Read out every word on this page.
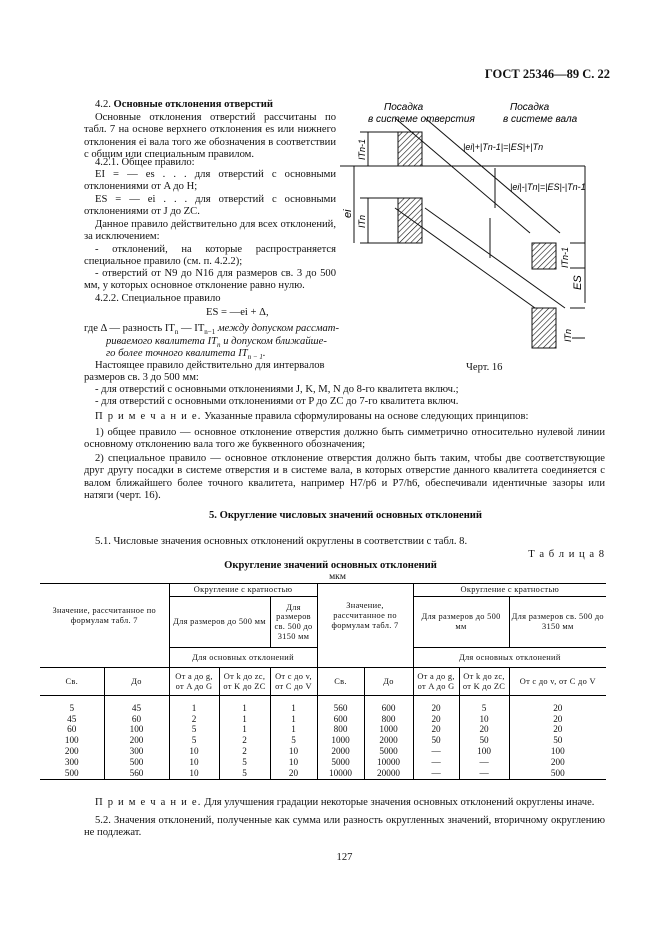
ГОСТ 25346—89 С. 22
4.2. Основные отклонения отверстий
Основные отклонения отверстий рассчитаны по табл. 7 на основе верхнего отклонения es или нижнего отклонения ei вала того же обозначения в соответствии с общим или специальным правилом.
4.2.1. Общее правило:
EI = — es . . . для отверстий с основными отклонениями от A до H;
ES = — ei . . . для отверстий с основными отклонениями от J до ZC.
Данное правило действительно для всех отклонений, за исключением:
- отклонений, на которые распространяется специальное правило (см. п. 4.2.2);
- отверстий от N9 до N16 для размеров св. 3 до 500 мм, у которых основное отклонение равно нулю.
4.2.2. Специальное правило
ES = —ei + Δ,
где Δ — разность $IT_n$ — $IT_{n-1}$ между допуском рассмат-
риваемого квалитета $IT_n$ и допуском ближайше-
го более точного квалитета $IT_{n - 1}$.
Настоящее правило действительно для интервалов
размеров св. 3 до 500 мм:
Посадка
в системе отверстия
Посадка
в системе вала
|ei|+|Tn-1|=|ES|+|Tn
|ei|-|Tn|=|ES|-|Tn-1
ei
ITn-1
ITn
ES
ITn-1
ITn
Черт. 16
- для отверстий с основными отклонениями J, K, M, N до 8-го квалитета включ.;
- для отверстий с основными отклонениями от P до ZC до 7-го квалитета включ.
П р и м е ч а н и е. Указанные правила сформулированы на основе следующих принципов:
1) общее правило — основное отклонение отверстия должно быть симметрично относительно нулевой линии основному отклонению вала того же буквенного обозначения;
2) специальное правило — основное отклонение отверстия должно быть таким, чтобы две соответствующие друг другу посадки в системе отверстия и в системе вала, в которых отверстие данного квалитета соединяется с валом ближайшего более точного квалитета, например H7/p6 и P7/h6, обеспечивали идентичные зазоры или натяги (черт. 16).
5. Округление числовых значений основных отклонений
5.1. Числовые значения основных отклонений округлены в соответствии с табл. 8.
Т а б л и ц а 8
Округление значений основных отклонений
мкм
Значение, рассчитанное по формулам табл. 7		Округление с кратностью			Значение, рассчитанное по формулам табл. 7		Округление с кратностью		
		Для размеров до 500 мм		Для размеров св. 500 до 3150 мм			Для размеров до 500 мм		Для размеров св. 500 до 3150 мм
		Для основных отклонений					Для основных отклонений		
Св.	До	От a до g, от A до G	От k до zc, от K до ZC	От c до v, от C до V	Св.	До	От a до g, от A до G	От k до zc, от K до ZC	От c до v, от C до V
5	45	1	1	1	560	600	20	5	20
45	60	2	1	1	600	800	20	10	20
60	100	5	1	1	800	1000	20	20	20
100	200	5	2	5	1000	2000	50	50	50
200	300	10	2	10	2000	5000	—	100	100
300	500	10	5	10	5000	10000	—	—	200
500	560	10	5	20	10000	20000	—	—	500
П р и м е ч а н и е. Для улучшения градации некоторые значения основных отклонений округлены иначе.
5.2. Значения отклонений, полученные как сумма или разность округленных значений, вторичному округлению не подлежат.
127
